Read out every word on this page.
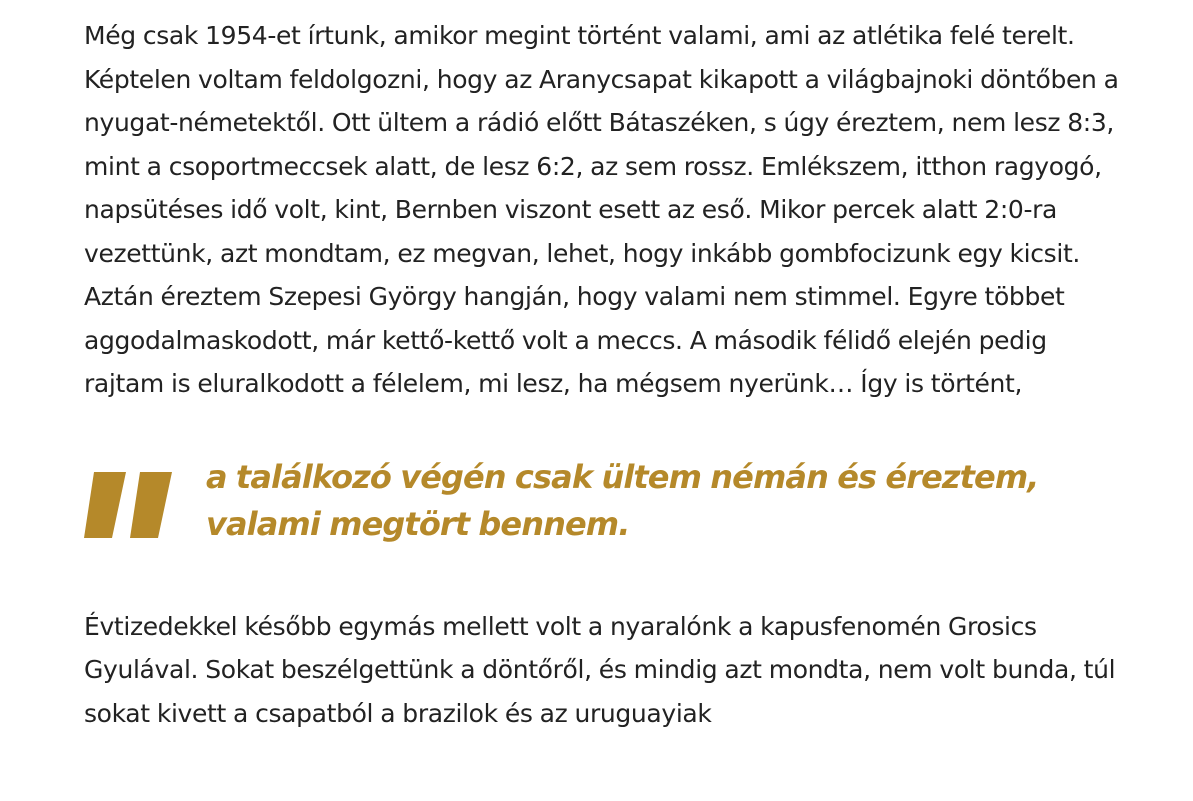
Még csak 1954-et írtunk, amikor megint történt valami, ami az atlétika felé terelt. Képtelen voltam feldolgozni, hogy az Aranycsapat kikapott a világbajnoki döntőben a nyugat-németektől. Ott ültem a rádió előtt Bátaszéken, s úgy éreztem, nem lesz 8:3, mint a csoportmeccsek alatt, de lesz 6:2, az sem rossz. Emlékszem, itthon ragyogó, napsütéses idő volt, kint, Bernben viszont esett az eső. Mikor percek alatt 2:0-ra vezettünk, azt mondtam, ez megvan, lehet, hogy inkább gombfocizunk egy kicsit. Aztán éreztem Szepesi György hangján, hogy valami nem stimmel. Egyre többet aggodalmaskodott, már kettő-kettő volt a meccs. A második félidő elején pedig rajtam is eluralkodott a félelem, mi lesz, ha mégsem nyerünk… Így is történt,

a találkozó végén csak ültem némán és éreztem, valami megtört bennem.

Évtizedekkel később egymás mellett volt a nyaralónk a kapusfenomén Grosics Gyulával. Sokat beszélgettünk a döntőről, és mindig azt mondta, nem volt bunda, túl sokat kivett a csapatból a brazilok és az uruguayiak
